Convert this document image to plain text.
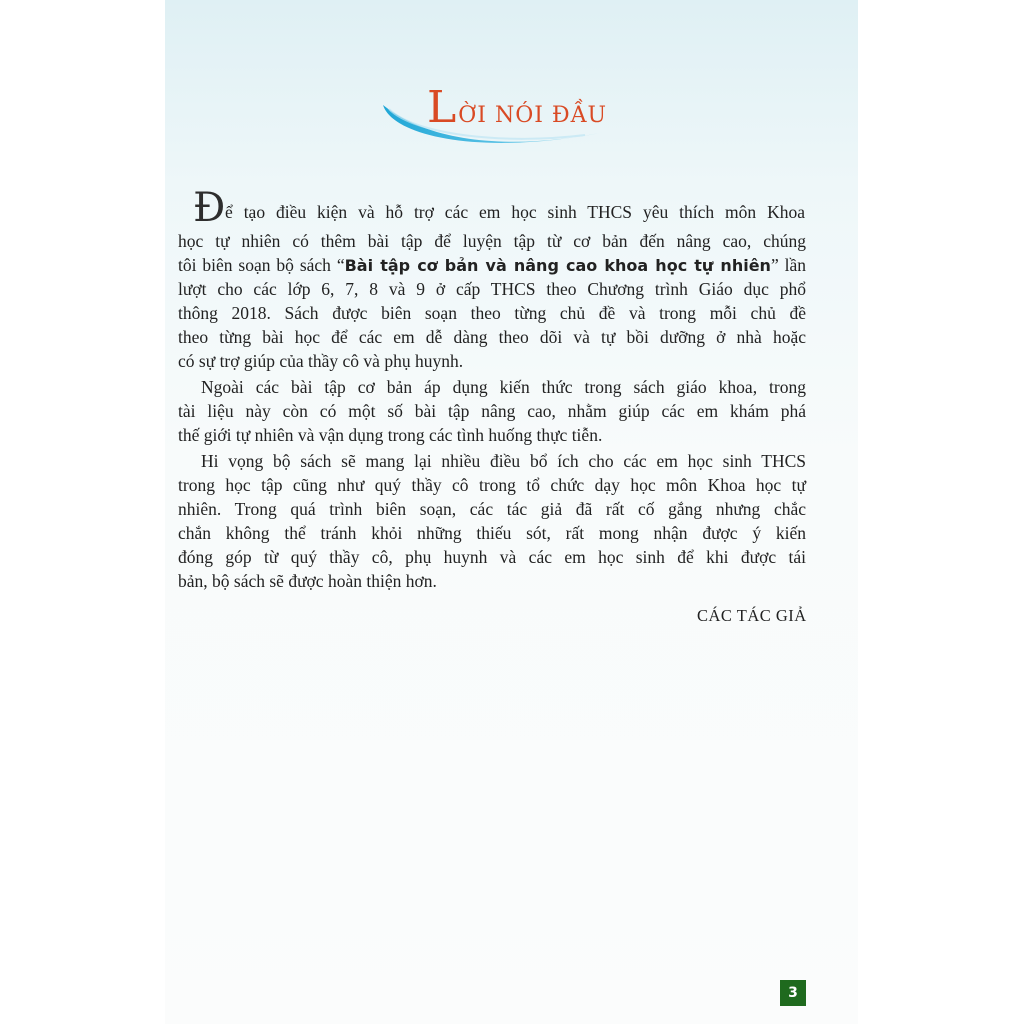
LỜI NÓI ĐẦU
Đ ể tạo điều kiện và hỗ trợ các em học sinh THCS yêu thích môn Khoa

học tự nhiên có thêm bài tập để luyện tập từ cơ bản đến nâng cao, chúng

tôi biên soạn bộ sách “Bài tập cơ bản và nâng cao khoa học tự nhiên” lần

lượt cho các lớp 6, 7, 8 và 9 ở cấp THCS theo Chương trình Giáo dục phổ

thông 2018. Sách được biên soạn theo từng chủ đề và trong mỗi chủ đề

theo từng bài học để các em dễ dàng theo dõi và tự bồi dưỡng ở nhà hoặc

có sự trợ giúp của thầy cô và phụ huynh.

Ngoài các bài tập cơ bản áp dụng kiến thức trong sách giáo khoa, trong

tài liệu này còn có một số bài tập nâng cao, nhằm giúp các em khám phá

thế giới tự nhiên và vận dụng trong các tình huống thực tiễn.

Hi vọng bộ sách sẽ mang lại nhiều điều bổ ích cho các em học sinh THCS

trong học tập cũng như quý thầy cô trong tổ chức dạy học môn Khoa học tự

nhiên. Trong quá trình biên soạn, các tác giả đã rất cố gắng nhưng chắc

chắn không thể tránh khỏi những thiếu sót, rất mong nhận được ý kiến

đóng góp từ quý thầy cô, phụ huynh và các em học sinh để khi được tái

bản, bộ sách sẽ được hoàn thiện hơn.

CÁC TÁC GIẢ

3
